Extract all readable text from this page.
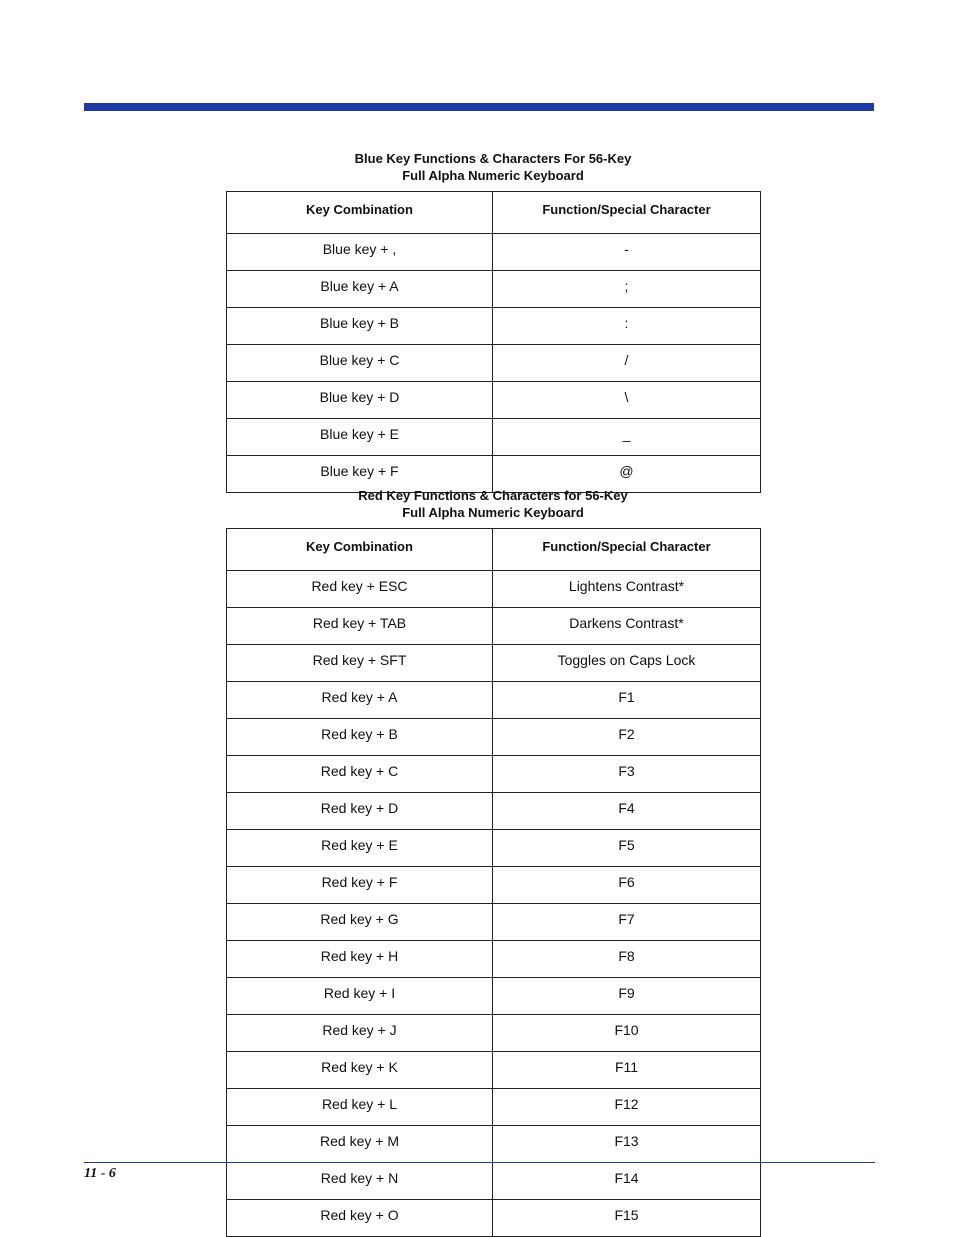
Blue Key Functions & Characters For 56-Key
Full Alpha Numeric Keyboard
Key Combination	Function/Special Character
Blue key + ,	-
Blue key + A	;
Blue key + B	:
Blue key + C	/
Blue key + D	\
Blue key + E	_
Blue key + F	@
Red Key Functions & Characters for 56-Key
Full Alpha Numeric Keyboard
Key Combination	Function/Special Character
Red key + ESC	Lightens Contrast*
Red key + TAB	Darkens Contrast*
Red key + SFT	Toggles on Caps Lock
Red key + A	F1
Red key + B	F2
Red key + C	F3
Red key + D	F4
Red key + E	F5
Red key + F	F6
Red key + G	F7
Red key + H	F8
Red key + I	F9
Red key + J	F10
Red key + K	F11
Red key + L	F12
Red key + M	F13
Red key + N	F14
Red key + O	F15
11 - 6
